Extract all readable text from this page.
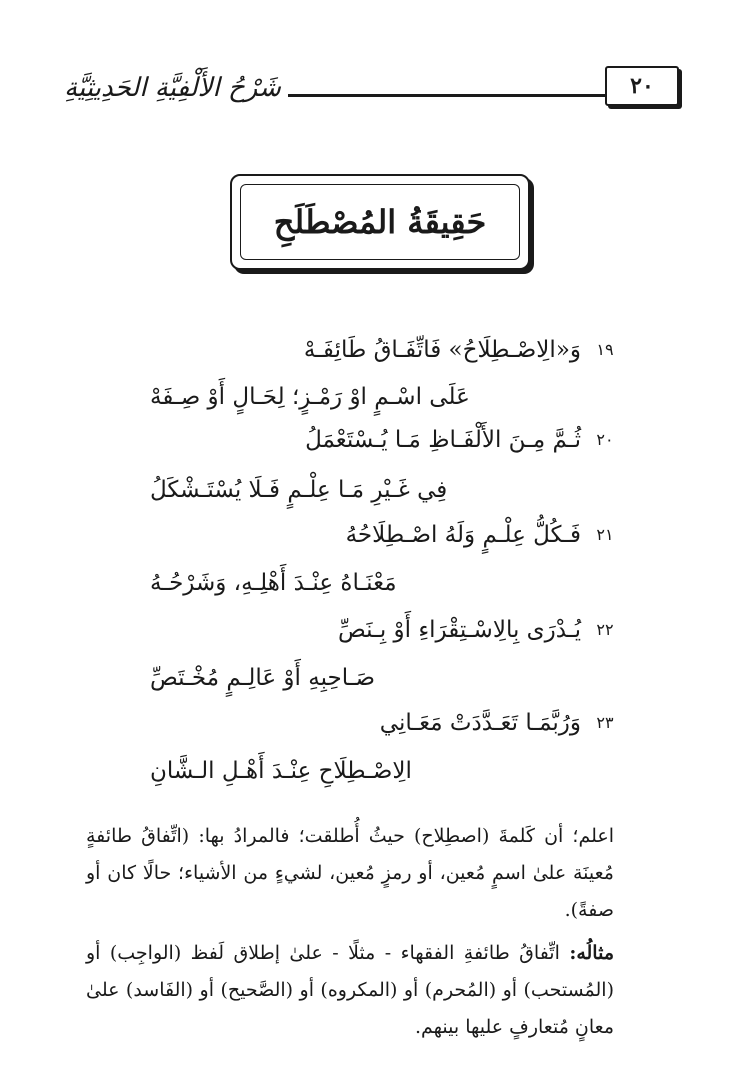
٢٠
شَرْحُ الأَلْفِيَّةِ الحَدِيثِيَّةِ
حَقِيقَةُ المُصْطَلَحِ
١٩
وَ«الِاصْـطِلَاحُ» فَاتِّفَـاقُ طَائِفَـهْ
عَلَى اسْـمٍ اوْ رَمْـزٍ؛ لِحَـالٍ أَوْ صِـفَهْ
٢٠
ثُـمَّ مِـنَ الأَلْفَـاظِ مَـا يُـسْتَعْمَلُ
فِي غَـيْرِ مَـا عِلْـمٍ فَـلَا يُسْتَـشْكَلُ
٢١
فَـكُلُّ عِلْـمٍ وَلَهُ اصْـطِلَاحُهُ
مَعْنَـاهُ عِنْـدَ أَهْلِـهِ، وَشَرْحُـهُ
٢٢
يُـدْرَى بِالِاسْـتِقْرَاءِ أَوْ بِـنَصِّ
صَـاحِبِهِ أَوْ عَالِـمٍ مُخْـتَصِّ
٢٣
وَرُبَّمَـا تَعَـدَّدَتْ مَعَـانِي
الِاصْـطِلَاحِ عِنْـدَ أَهْـلِ الـشَّانِ

اعلم؛ أن كَلمةَ (اصطِلاح) حيثُ أُطلقت؛ فالمرادُ بها: (اتِّفاقُ طائفةٍ مُعينَة علىٰ اسمٍ مُعين، أو رمزٍ مُعين، لشيءٍ من الأشياء؛ حالًا كان أو صفةً).

مثالُه: اتِّفاقُ طائفةِ الفقهاء - مثلًا - علىٰ إطلاق لَفظ (الواجِب) أو (المُستحب) أو (المُحرم) أو (المكروه) أو (الصَّحيح) أو (الفَاسد) علىٰ معانٍ مُتعارفٍ عليها بينهم.
